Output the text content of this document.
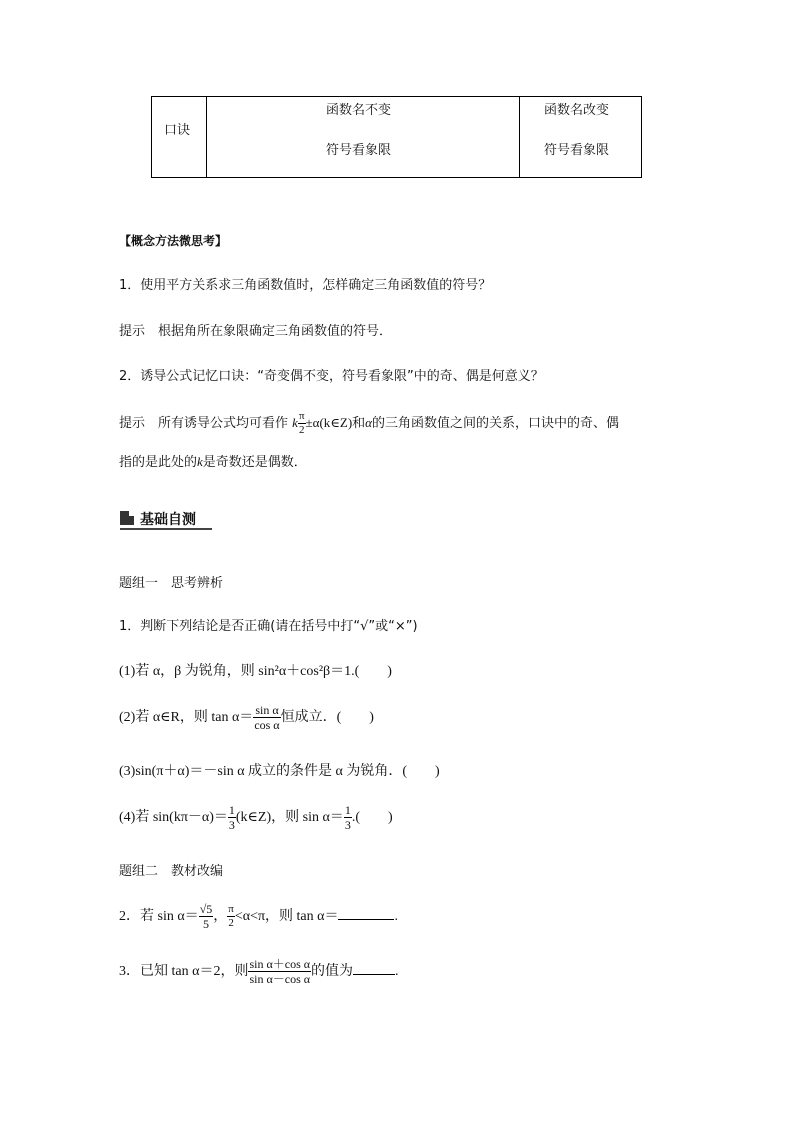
口诀
函数名不变
符号看象限
函数名改变
符号看象限
【概念方法微思考】
1．使用平方关系求三角函数值时，怎样确定三角函数值的符号？
提示　根据角所在象限确定三角函数值的符号．
2．诱导公式记忆口诀：“奇变偶不变，符号看象限”中的奇、偶是何意义？
提示　所有诱导公式均可看作 k $\frac{\pi}{2}$ ±α(k∈Z)和α的三角函数值之间的关系，口诀中的奇、偶
指的是此处的k是奇数还是偶数．
基础自测
题组一　思考辨析
1．判断下列结论是否正确(请在括号中打“√”或“×”)
(1)若 α，β 为锐角，则 sin²α＋cos²β＝1.(　　)
(2)若 α∈R，则 $\tan \alpha= \frac{\text{sin α}}{\text{cos α}}$ 恒成立．(　　)
(3)sin(π＋α)＝－sin α 成立的条件是 α 为锐角．(　　)
(4)若 $\sin(k\pi-\alpha)= \frac{1}{3}$ (k∈Z)，则 $\sin \alpha= \frac{1}{3}$ .(　　)
题组二　教材改编
2．若 $\sin \alpha= \frac{√5}{5}$ ， $\frac{\pi}{2} <\alpha<\pi$，则 tan α＝	.
3．已知 tan α＝2，则 $\frac{\text{sin α＋cos α}}{\text{sin α－cos α}}$ 的值为	.
